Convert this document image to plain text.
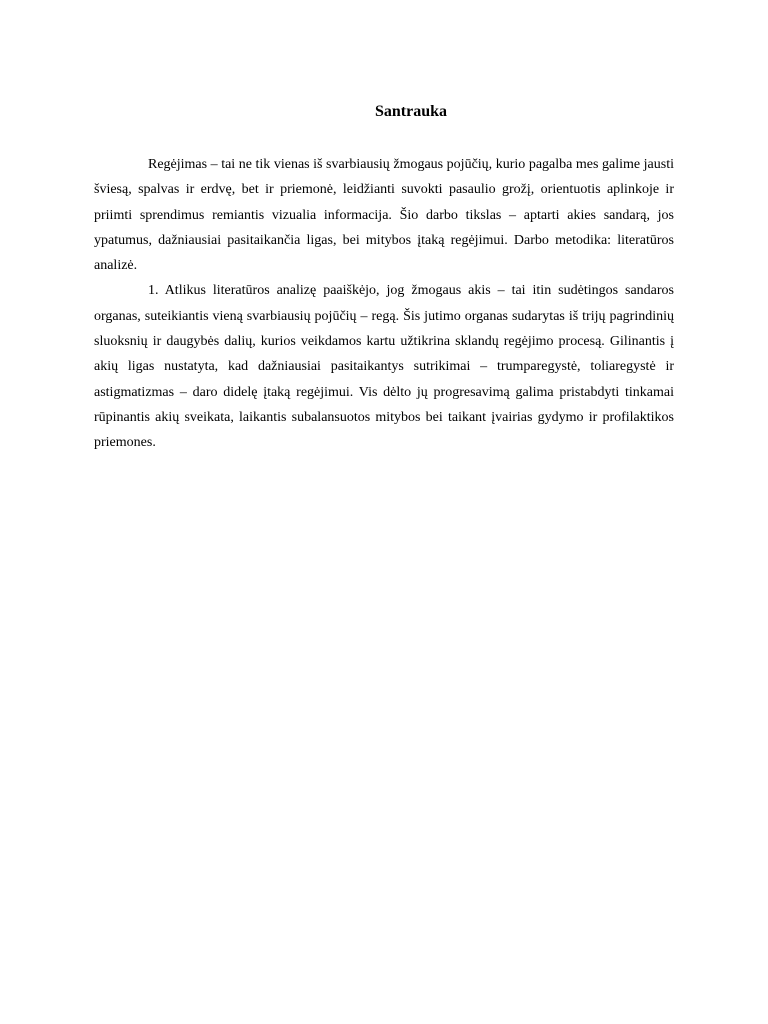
Santrauka

Regėjimas – tai ne tik vienas iš svarbiausių žmogaus pojūčių, kurio pagalba mes galime jausti šviesą, spalvas ir erdvę, bet ir priemonė, leidžianti suvokti pasaulio grožį, orientuotis aplinkoje ir priimti sprendimus remiantis vizualia informacija. Šio darbo tikslas – aptarti akies sandarą, jos ypatumus, dažniausiai pasitaikančia ligas, bei mitybos įtaką regėjimui. Darbo metodika: literatūros analizė.

1. Atlikus literatūros analizę paaiškėjo, jog žmogaus akis – tai itin sudėtingos sandaros organas, suteikiantis vieną svarbiausių pojūčių – regą. Šis jutimo organas sudarytas iš trijų pagrindinių sluoksnių ir daugybės dalių, kurios veikdamos kartu užtikrina sklandų regėjimo procesą. Gilinantis į akių ligas nustatyta, kad dažniausiai pasitaikantys sutrikimai – trumparegystė, toliaregystė ir astigmatizmas – daro didelę įtaką regėjimui. Vis dėlto jų progresavimą galima pristabdyti tinkamai rūpinantis akių sveikata, laikantis subalansuotos mitybos bei taikant įvairias gydymo ir profilaktikos priemones.
